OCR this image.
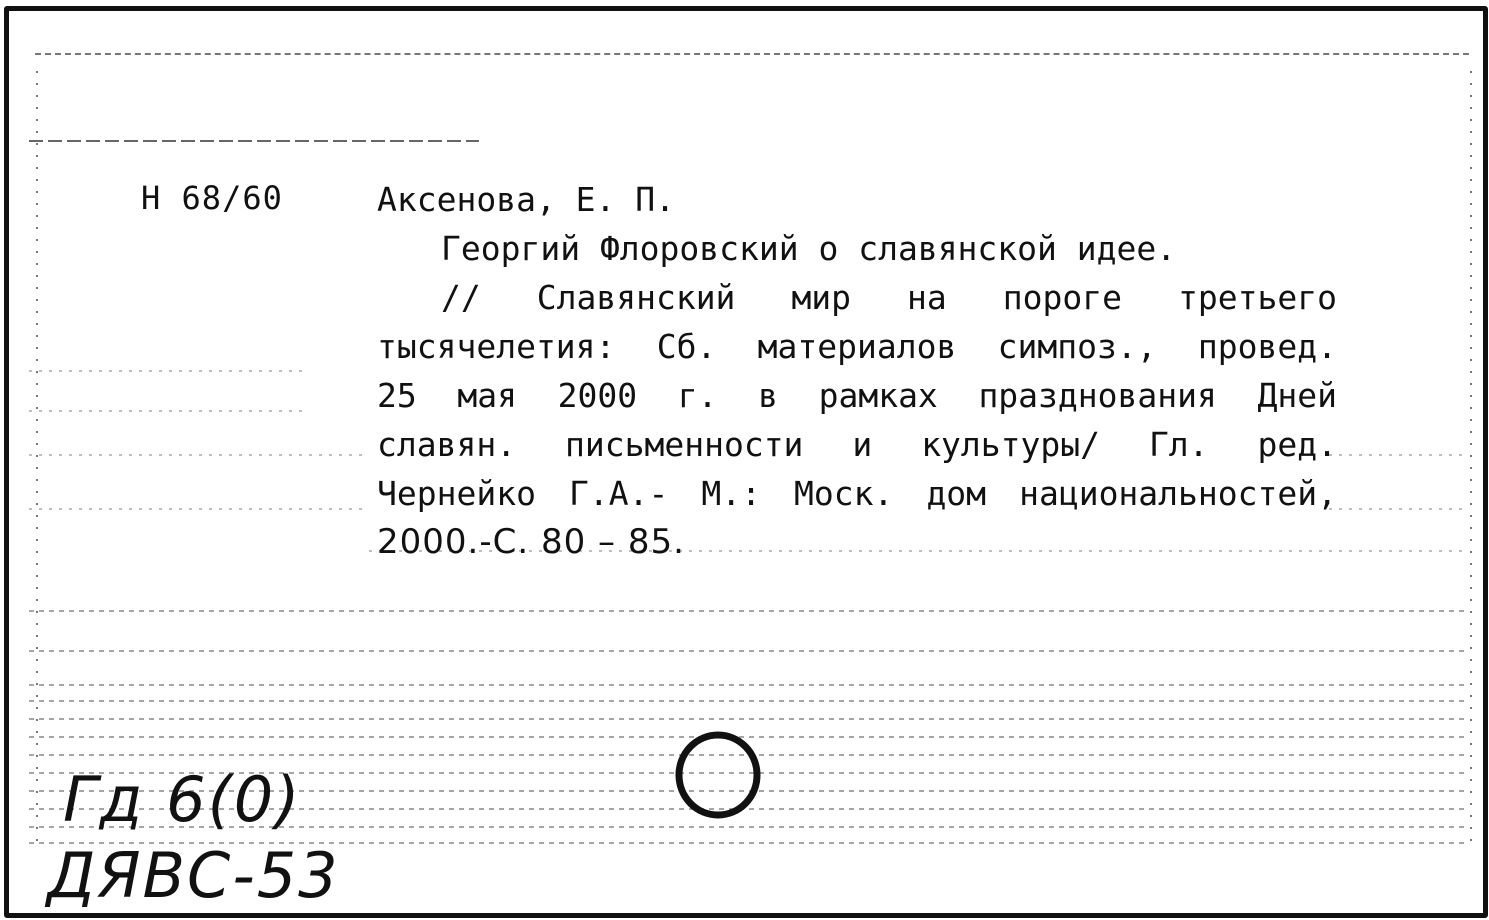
Н 68/60	Аксенова, Е. П.
Георгий Флоровский о славянской идее.
// Славянский мир на пороге третьего
тысячелетия: Сб. материалов симпоз., провед.
25 мая 2000 г. в рамках празднования Дней
славян. письменности и культуры/ Гл. ред.
Чернейко Г.А.- М.: Моск. дом национальностей,
2000.-С. 80 – 85.
Гд 6(0)
ДЯВС-53
